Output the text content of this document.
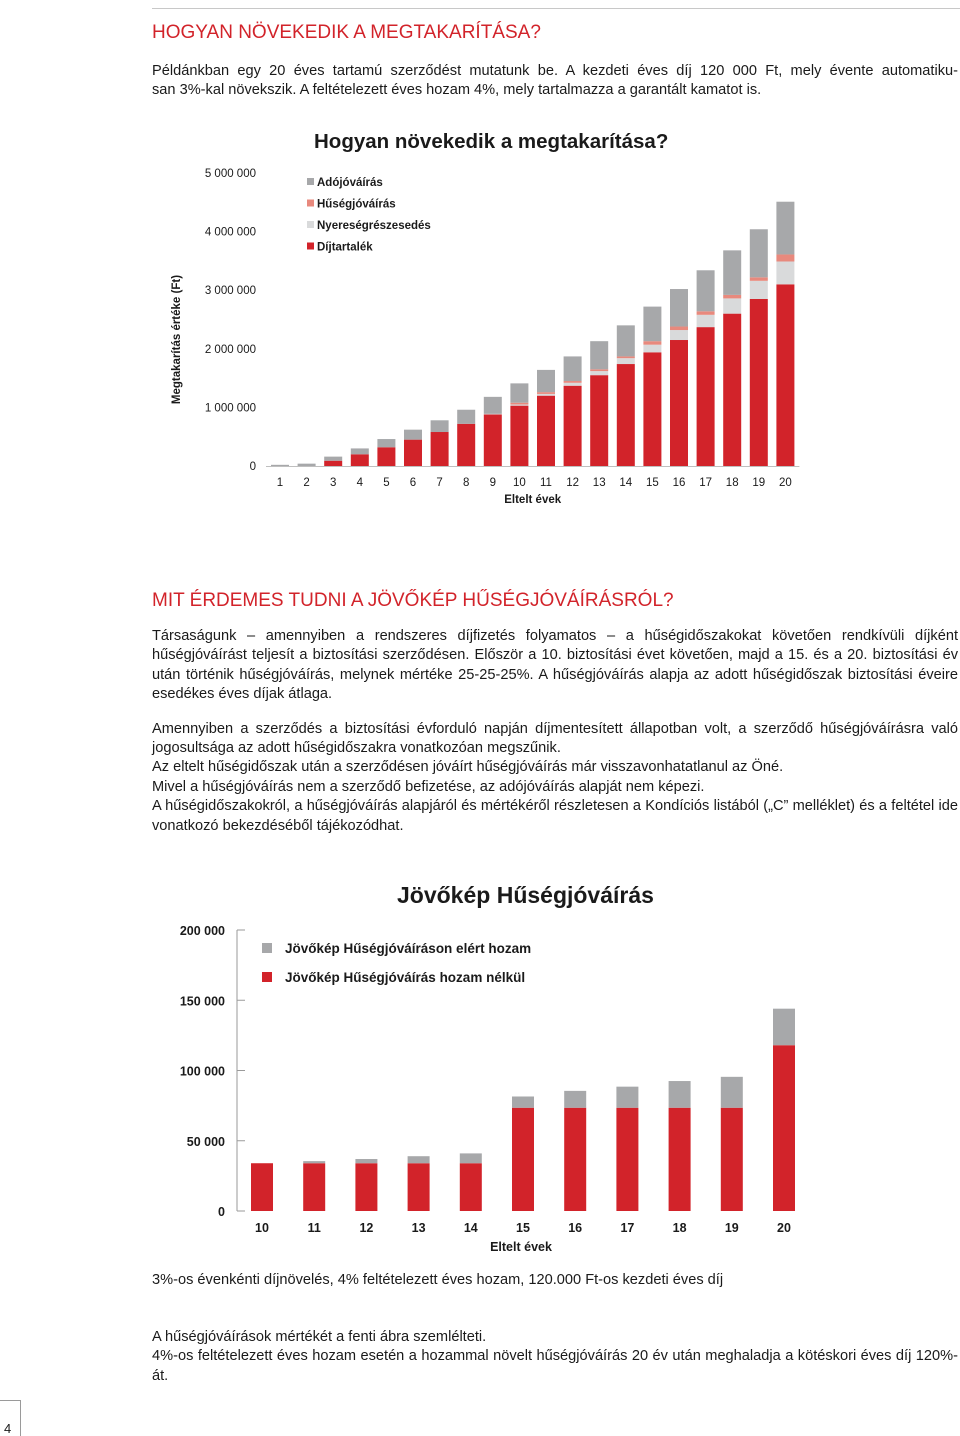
HOGYAN NÖVEKEDIK A MEGTAKARÍTÁSA?

Példánkban egy 20 éves tartamú szerződést mutatunk be. A kezdeti éves díj 120 000 Ft, mely évente automatiku-

san 3%-kal növekszik. A feltételezett éves hozam 4%, mely tartalmazza a garantált kamatot is.

Hogyan növekedik a megtakarítása?
0
1 000 000
2 000 000
3 000 000
4 000 000
5 000 000
Megtakarítás értéke (Ft)
1 2 3 4 5 6 7 8 9 10 11 12 13 14 15 16 17 18 19 20
Eltelt évek
Adójóváírás
Hűségjóváírás
Nyereségrészesedés
Díjtartalék
MIT ÉRDEMES TUDNI A JÖVŐKÉP HŰSÉGJÓVÁÍRÁSRÓL?

Társaságunk – amennyiben a rendszeres díjfizetés folyamatos – a hűségidőszakokat követően rendkívüli díjként hűségjóváírást teljesít a biztosítási szerződésen. Először a 10. biztosítási évet követően, majd a 15. és a 20. biztosítási év után történik hűségjóváírás, melynek mértéke 25-25-25%. A hűségjóváírás alapja az adott hűségidőszak biztosítási éveire esedékes éves díjak átlaga.

Amennyiben a szerződés a biztosítási évforduló napján díjmentesített állapotban volt, a szerződő hűségjóváírásra való jogosultsága az adott hűségidőszakra vonatkozóan megszűnik.

Az eltelt hűségidőszak után a szerződésen jóváírt hűségjóváírás már visszavonhatatlanul az Öné.

Mivel a hűségjóváírás nem a szerződő befizetése, az adójóváírás alapját nem képezi.

A hűségidőszakokról, a hűségjóváírás alapjáról és mértékéről részletesen a Kondíciós listából („C” melléklet) és a feltétel ide vonatkozó bekezdéséből tájékozódhat.

Jövőkép Hűségjóváírás
0
50 000
100 000
150 000
200 000
10	11	12	13	14	15	16	17	18	19	20
Eltelt évek
Jövőkép Hűségjóváíráson elért hozam
Jövőkép Hűségjóváírás hozam nélkül
3%-os évenkénti díjnövelés, 4% feltételezett éves hozam, 120.000 Ft-os kezdeti éves díj

A hűségjóváírások mértékét a fenti ábra szemlélteti.

4%-os feltételezett éves hozam esetén a hozammal növelt hűségjóváírás 20 év után meghaladja a kötéskori éves díj 120%-át.

4
